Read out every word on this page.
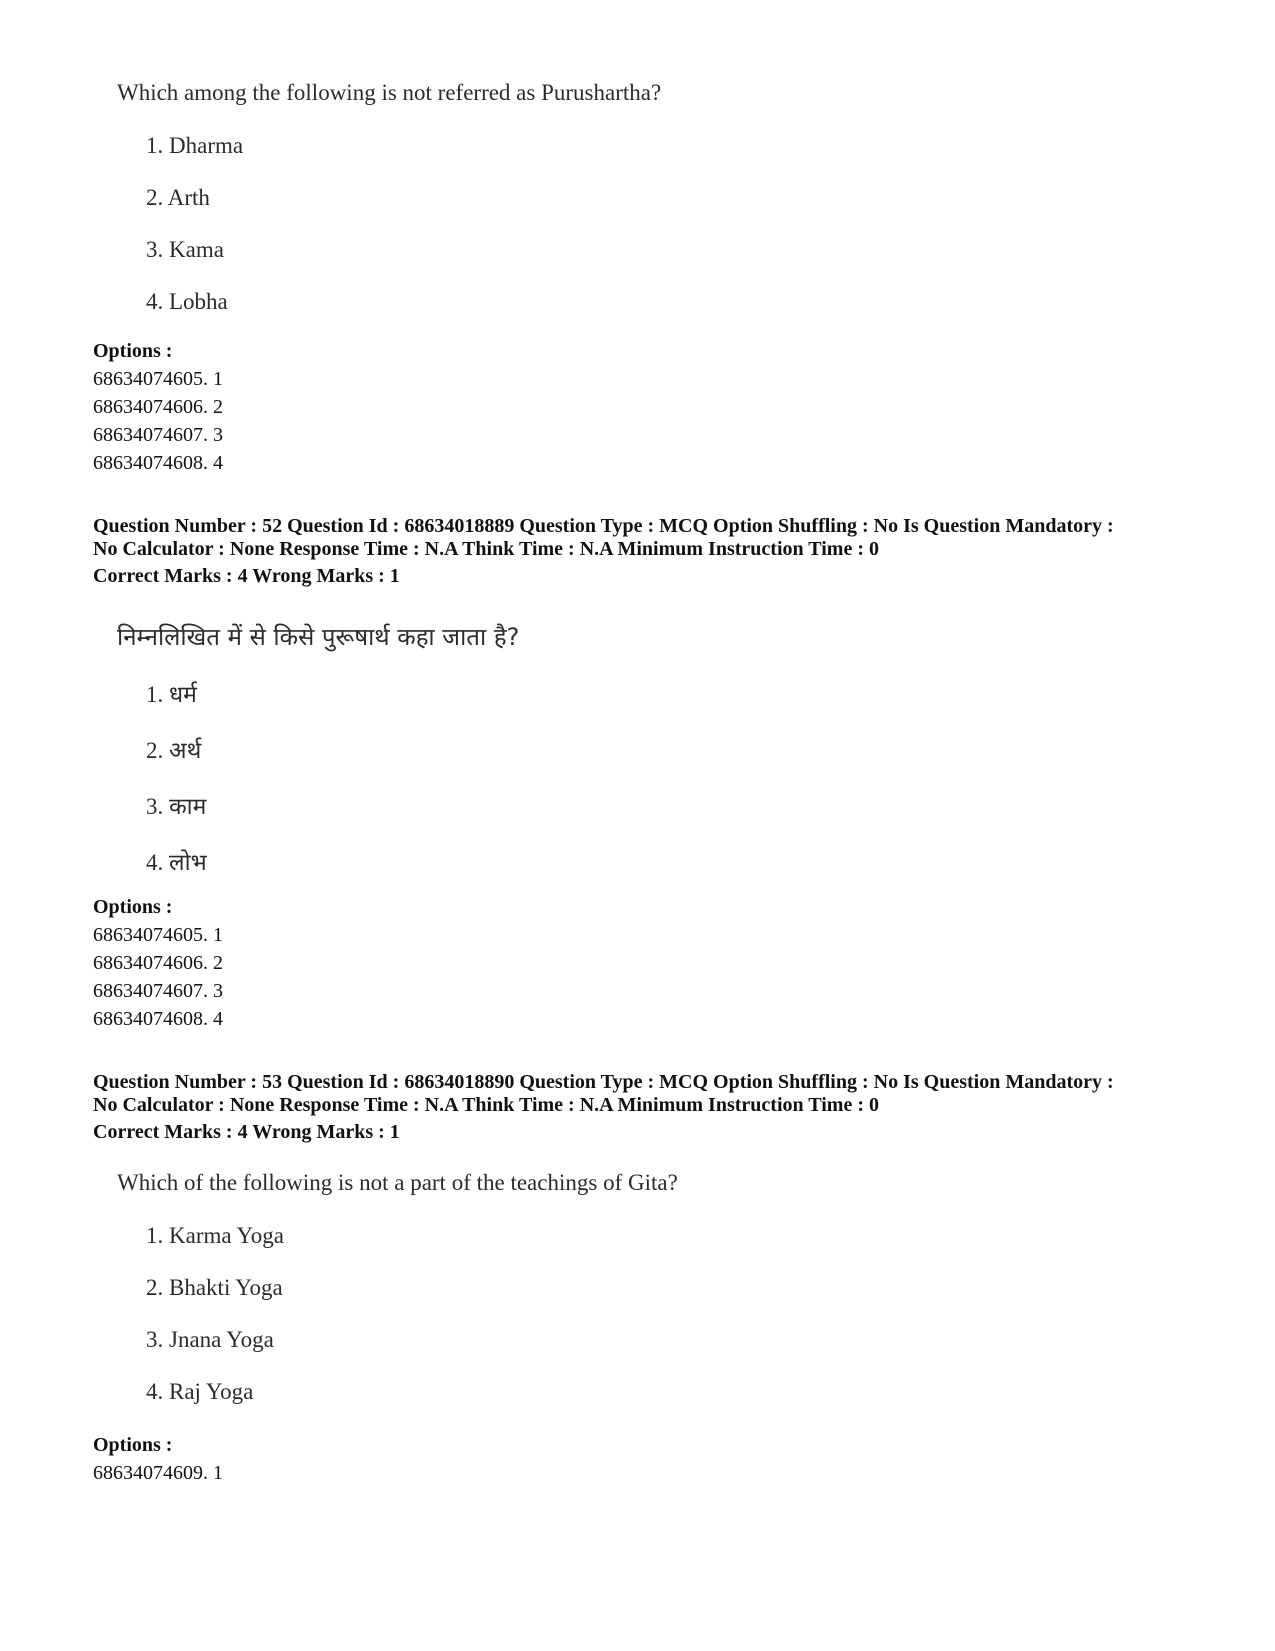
Which among the following is not referred as Purushartha?
1. Dharma
2. Arth
3. Kama
4. Lobha
Options :
68634074605. 1
68634074606. 2
68634074607. 3
68634074608. 4
Question Number : 52 Question Id : 68634018889 Question Type : MCQ Option Shuffling : No Is Question Mandatory :
No Calculator : None Response Time : N.A Think Time : N.A Minimum Instruction Time : 0
Correct Marks : 4 Wrong Marks : 1
निम्नलिखित में से किसे पुरूषार्थ कहा जाता है?
1. धर्म
2. अर्थ
3. काम
4. लोभ
Options :
68634074605. 1
68634074606. 2
68634074607. 3
68634074608. 4
Question Number : 53 Question Id : 68634018890 Question Type : MCQ Option Shuffling : No Is Question Mandatory :
No Calculator : None Response Time : N.A Think Time : N.A Minimum Instruction Time : 0
Correct Marks : 4 Wrong Marks : 1
Which of the following is not a part of the teachings of Gita?
1. Karma Yoga
2. Bhakti Yoga
3. Jnana Yoga
4. Raj Yoga
Options :
68634074609. 1
